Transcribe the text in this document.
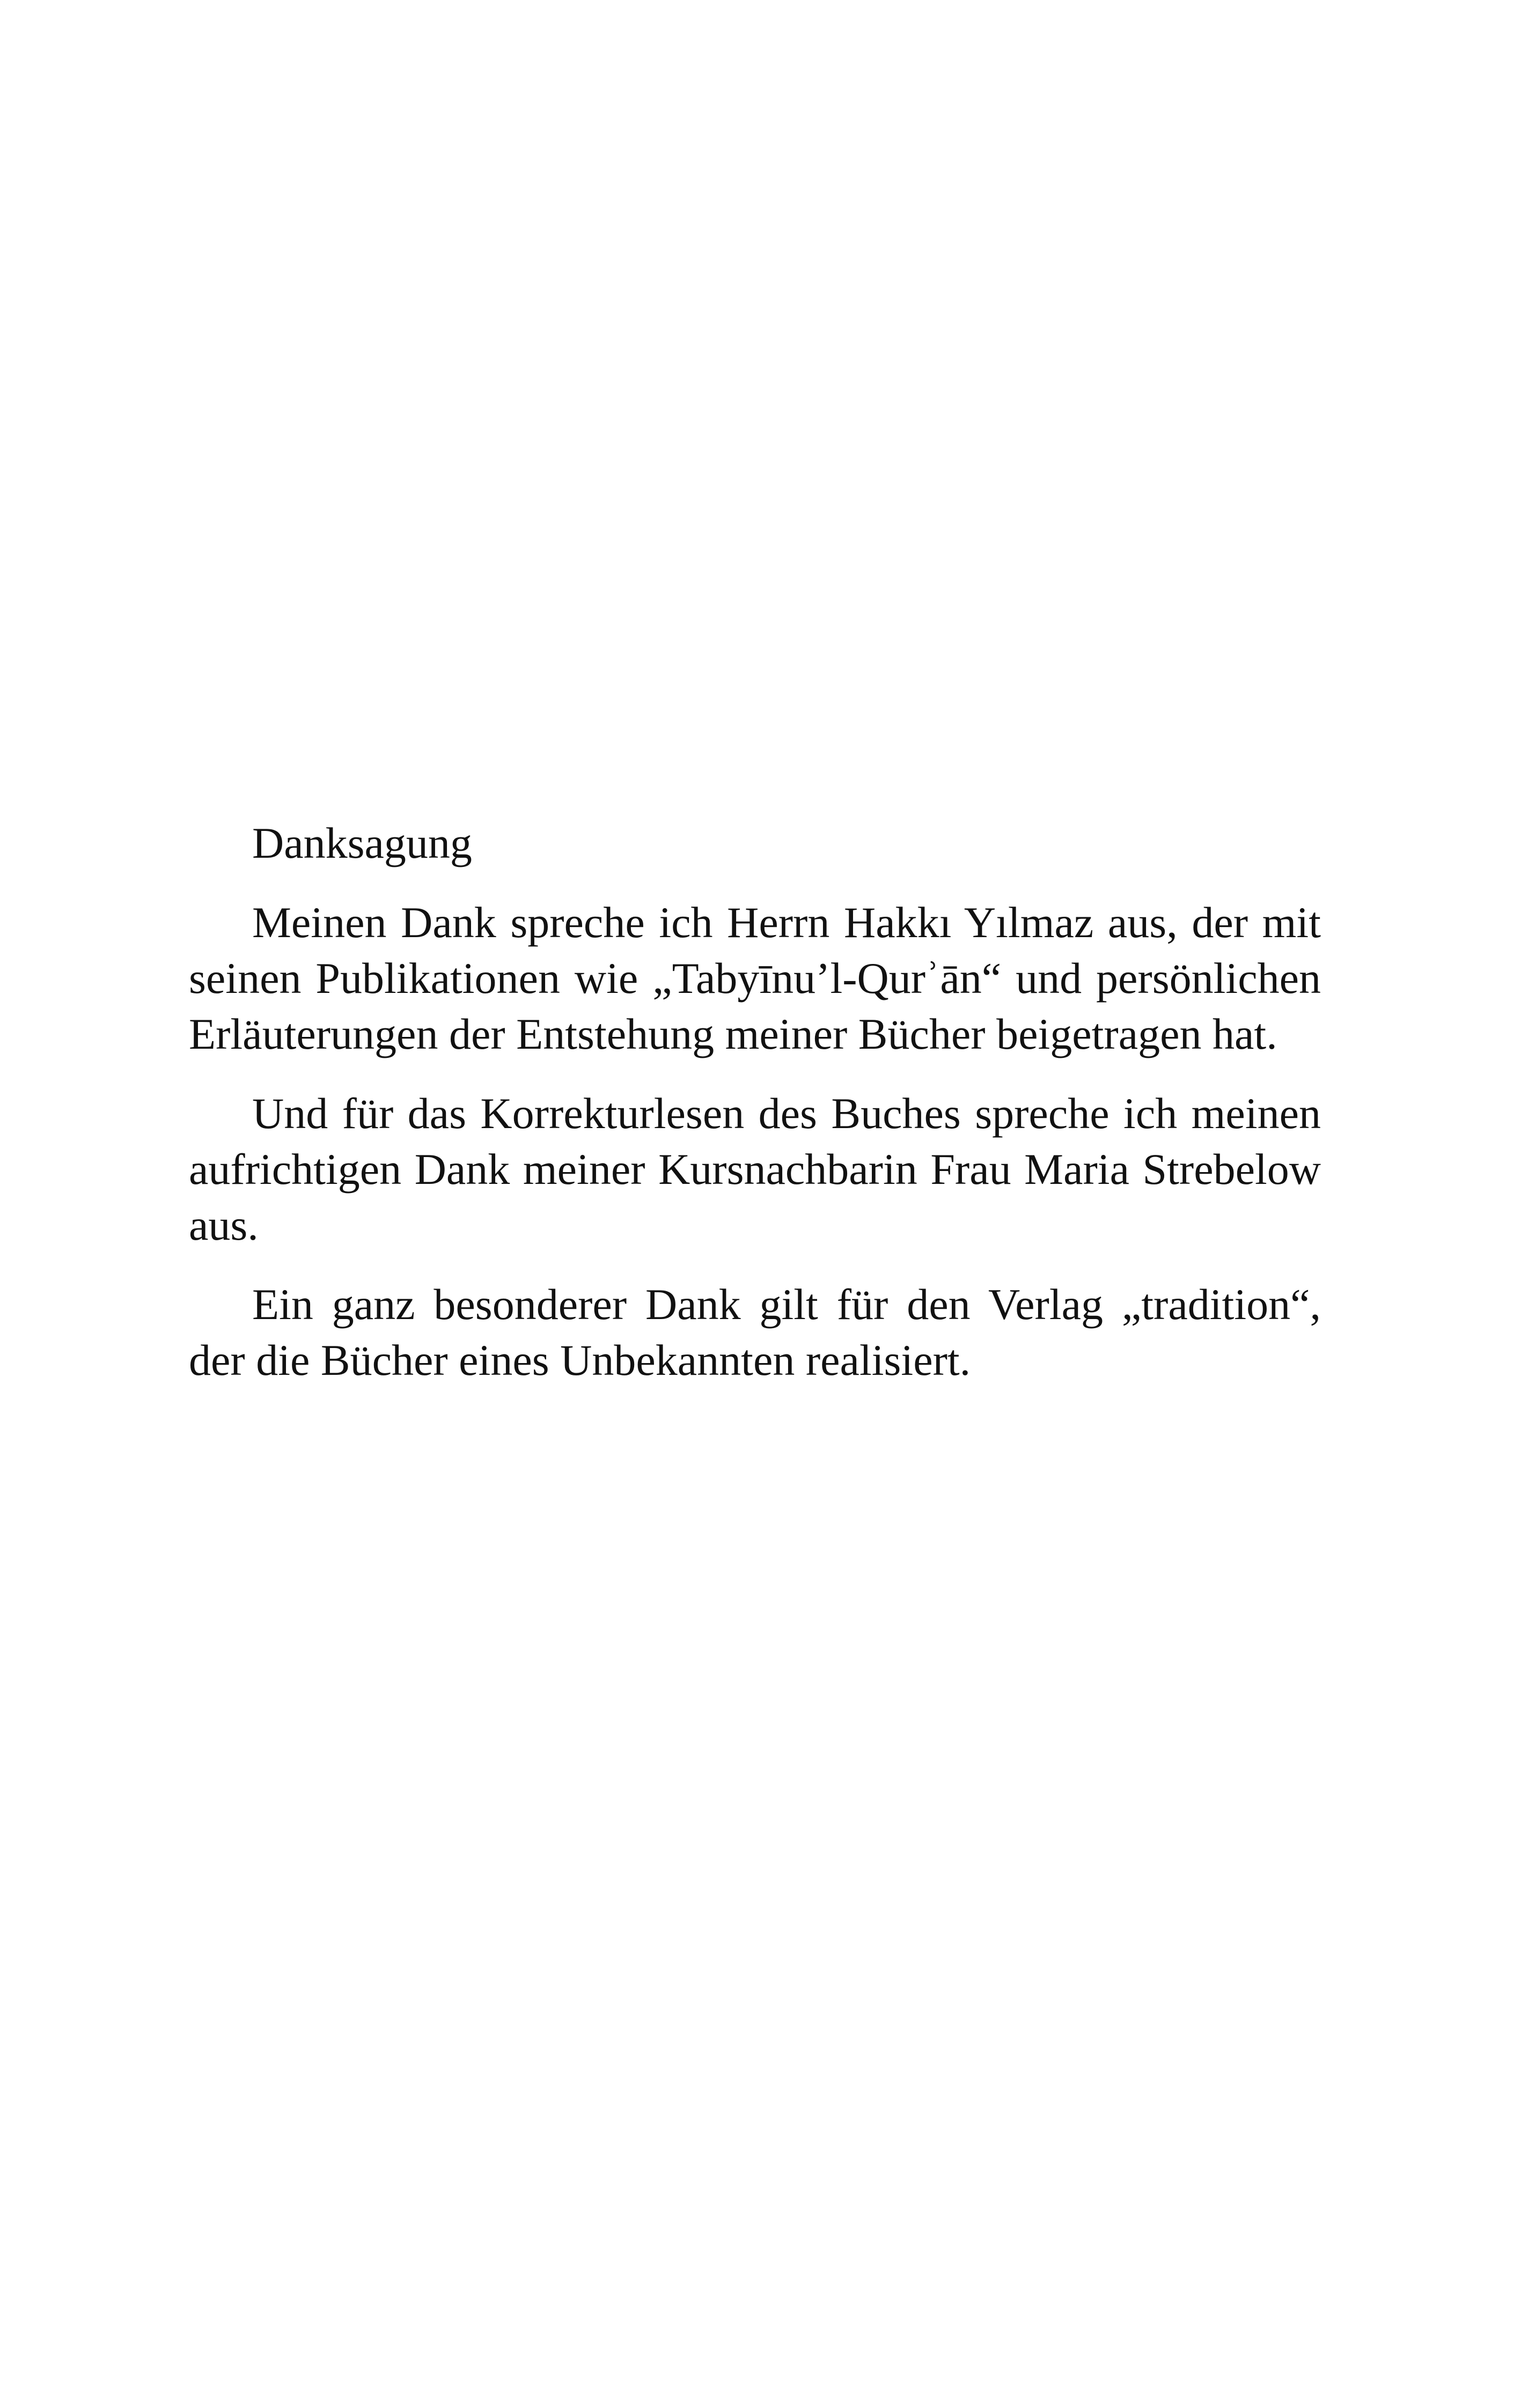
Danksagung

Meinen Dank spreche ich Herrn Hakkı Yılmaz aus, der mit seinen Publikationen wie „Tabyīnu’l-Qurʾān“ und persönlichen Erläuterungen der Entstehung meiner Bücher beigetragen hat.

Und für das Korrekturlesen des Buches spreche ich meinen aufrichtigen Dank meiner Kursnachbarin Frau Maria Strebelow aus.

Ein ganz besonderer Dank gilt für den Verlag „tradition“, der die Bücher eines Unbekannten realisiert.
